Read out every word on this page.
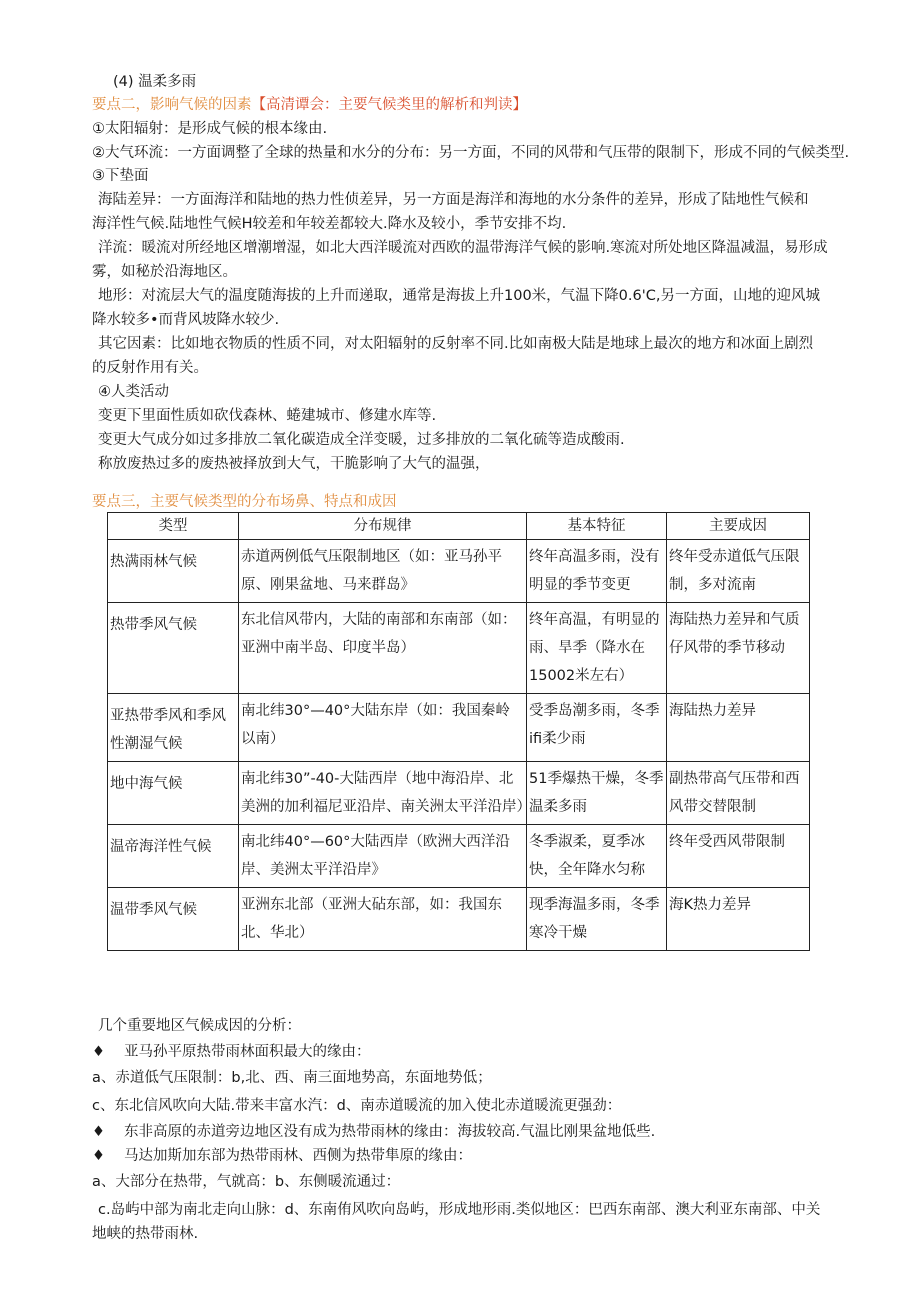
(4) 温柔多雨
要点二，影响气候的因素【高清谭会：主要气候类里的解析和判读】
①太阳辐射：是形成气候的根本缘由.
②大气环流：一方面调整了全球的热量和水分的分布：另一方面，不同的风带和气压带的限制下，形成不同的气候类型.
③下垫面
海陆差异：一方面海洋和陆地的热力性侦差异，另一方面是海洋和海地的水分条件的差异，形成了陆地性气候和
海洋性气候.陆地性气候H较差和年较差都较大.降水及较小，季节安排不均.
洋流：暖流对所经地区增潮增湿，如北大西洋暖流对西欧的温带海洋气候的影响.寒流对所处地区降温减温，易形成
雾，如秘於沿海地区。
地形：对流层大气的温度随海拔的上升而递取，通常是海拔上升100米，气温下降0.6'C,另一方面，山地的迎风城
降水较多•而背风坡降水较少.
其它因素：比如地衣物质的性质不同，对太阳辐射的反射率不同.比如南极大陆是地球上最次的地方和冰面上剧烈
的反射作用有关。
④人类活动
变更下里面性质如砍伐森林、蜷建城市、修建水库等.
变更大气成分如过多排放二氧化碳造成全洋变暖，过多排放的二氧化硫等造成酸雨.
称放废热过多的废热被择放到大气，干脆影响了大气的温强，
要点三，主要气候类型的分布场鼻、特点和成因
类型	分布规律	基本特征	主要成因
热满雨林气候	赤道两例低气压限制地区（如：亚马孙平原、刚果盆地、马来群岛》	终年高温多雨，没有明显的季节变更	终年受赤道低气压限制，多对流南
热带季风气候	东北信风带内，大陆的南部和东南部（如：亚洲中南半岛、印度半岛）	终年高温，有明显的雨、旱季（降水在15002米左右）	海陆热力差异和气质仔风带的季节移动
亚热带季风和季风性潮湿气候	南北纬30°—40°大陆东岸（如：我国秦岭以南）	受季岛潮多雨，冬季ifi柔少雨	海陆热力差异
地中海气候	南北纬30”-40-大陆西岸（地中海沿岸、北美洲的加利福尼亚沿岸、南关洲太平洋沿岸）	51季爆热干燥，冬季温柔多雨	副热带高气压带和西风带交替限制
温帝海洋性气候	南北纬40°—60°大陆西岸（欧洲大西洋沿岸、美洲太平洋沿岸》	冬季淑柔，夏季冰快，全年降水匀称	终年受西风带限制
温带季风气候	亚洲东北部（亚洲大砧东部，如：我国东北、华北）	现季海温多雨，冬季寒冷干燥	海K热力差异
几个重要地区气候成因的分析：
♦ 亚马孙平原热带雨林面积最大的缘由：
a、赤道低气压限制：b,北、西、南三面地势高，东面地势低；
c、东北信风吹向大陆.带来丰富水汽：d、南赤道暖流的加入使北赤道暖流更强劲：
♦ 东非高原的赤道旁边地区没有成为热带雨林的缘由：海拔较高.气温比刚果盆地低些.
♦ 马达加斯加东部为热带雨林、西侧为热带隼原的缘由：
a、大部分在热带，气就高：b、东侧暖流通过：
c.岛屿中部为南北走向山脉：d、东南侑风吹向岛屿，形成地形雨.类似地区：巴西东南部、澳大利亚东南部、中关
地峡的热带雨林.
